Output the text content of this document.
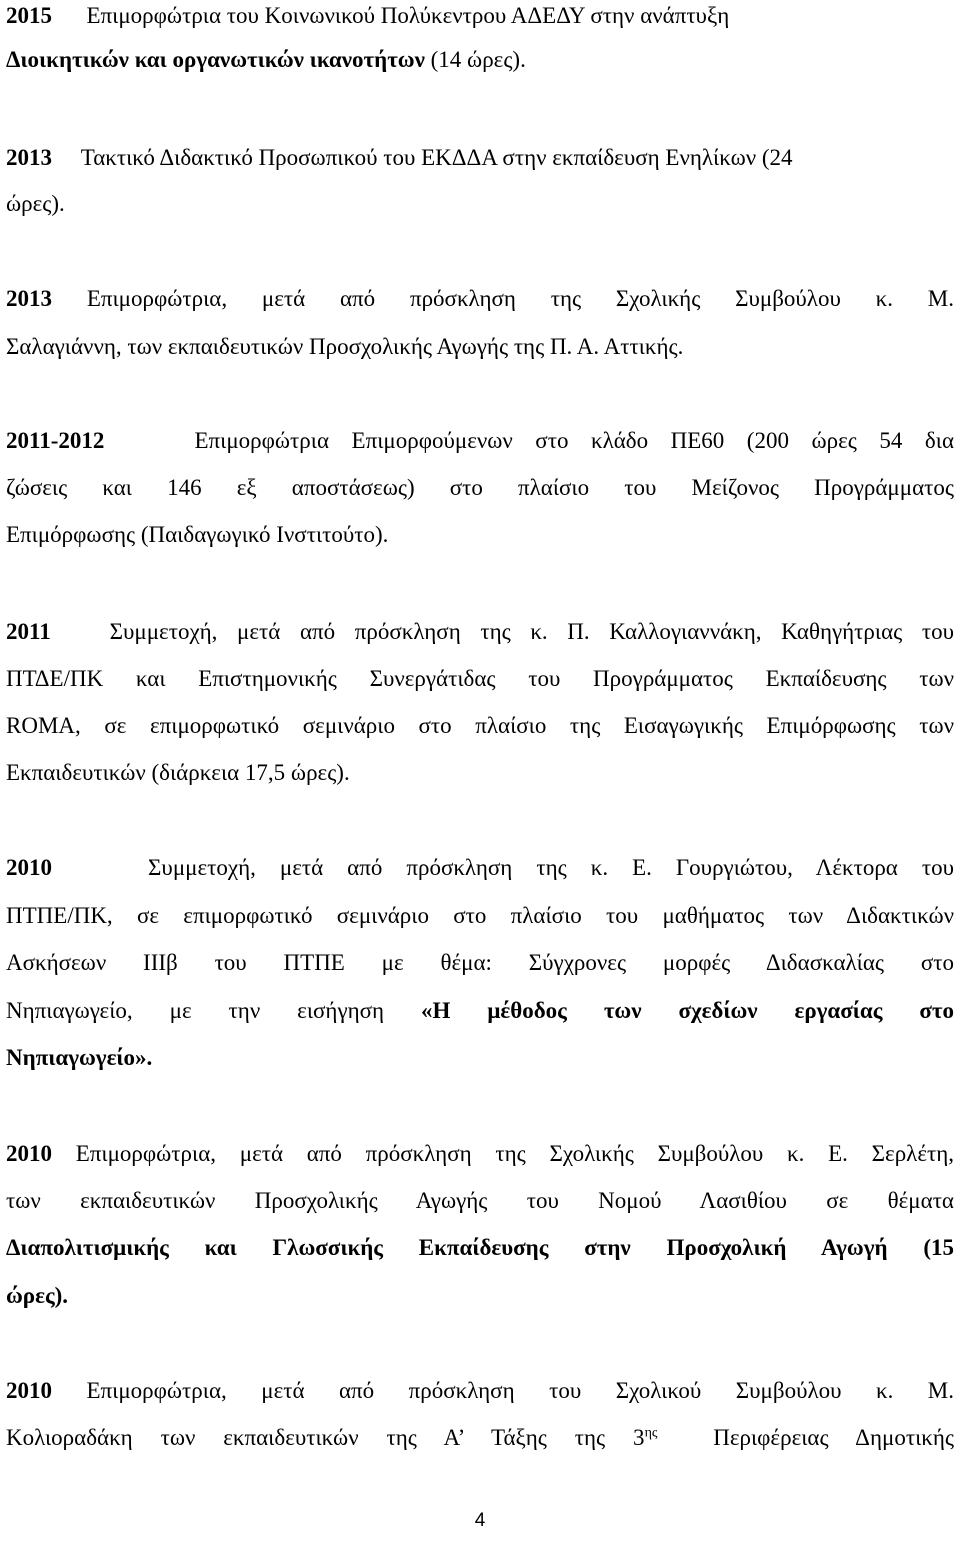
2015 Επιμορφώτρια του Κοινωνικού Πολύκεντρου ΑΔΕΔΥ στην ανάπτυξη
Διοικητικών και οργανωτικών ικανοτήτων (14 ώρες).
2013 Τακτικό Διδακτικό Προσωπικού του ΕΚΔΔΑ στην εκπαίδευση Ενηλίκων (24
ώρες).
2013 Επιμορφώτρια, μετά από πρόσκληση της Σχολικής Συμβούλου κ. Μ.
Σαλαγιάννη, των εκπαιδευτικών Προσχολικής Αγωγής της Π. Α. Αττικής.
2011-2012	Επιμορφώτρια Επιμορφούμενων στο κλάδο ΠΕ60 (200 ώρες 54 δια
ζώσεις και 146 εξ αποστάσεως) στο πλαίσιο του Μείζονος Προγράμματος
Επιμόρφωσης (Παιδαγωγικό Ινστιτούτο).
2011	Συμμετοχή, μετά από πρόσκληση της κ. Π. Καλλογιαννάκη, Καθηγήτριας του
ΠΤΔΕ/ΠΚ και Επιστημονικής Συνεργάτιδας του Προγράμματος Εκπαίδευσης των
ROMA, σε επιμορφωτικό σεμινάριο στο πλαίσιο της Εισαγωγικής Επιμόρφωσης των
Εκπαιδευτικών (διάρκεια 17,5 ώρες).
2010	Συμμετοχή, μετά από πρόσκληση της κ. Ε. Γουργιώτου, Λέκτορα του
ΠΤΠΕ/ΠΚ, σε επιμορφωτικό σεμινάριο στο πλαίσιο του μαθήματος των Διδακτικών
Ασκήσεων ΙΙΙβ του ΠΤΠΕ με θέμα: Σύγχρονες μορφές Διδασκαλίας στο
Νηπιαγωγείο, με την εισήγηση «Η μέθοδος των σχεδίων εργασίας στο
Νηπιαγωγείο».
2010 Επιμορφώτρια, μετά από πρόσκληση της Σχολικής Συμβούλου κ. Ε. Σερλέτη,
των εκπαιδευτικών Προσχολικής Αγωγής του Νομού Λασιθίου σε θέματα
Διαπολιτισμικής και Γλωσσικής Εκπαίδευσης στην Προσχολική Αγωγή (15
ώρες).
2010 Επιμορφώτρια, μετά από πρόσκληση του Σχολικού Συμβούλου κ. Μ.
Κολιοραδάκη των εκπαιδευτικών της Α’ Τάξης της $3^{\eta\varsigma}$ Περιφέρειας Δημοτικής
4
